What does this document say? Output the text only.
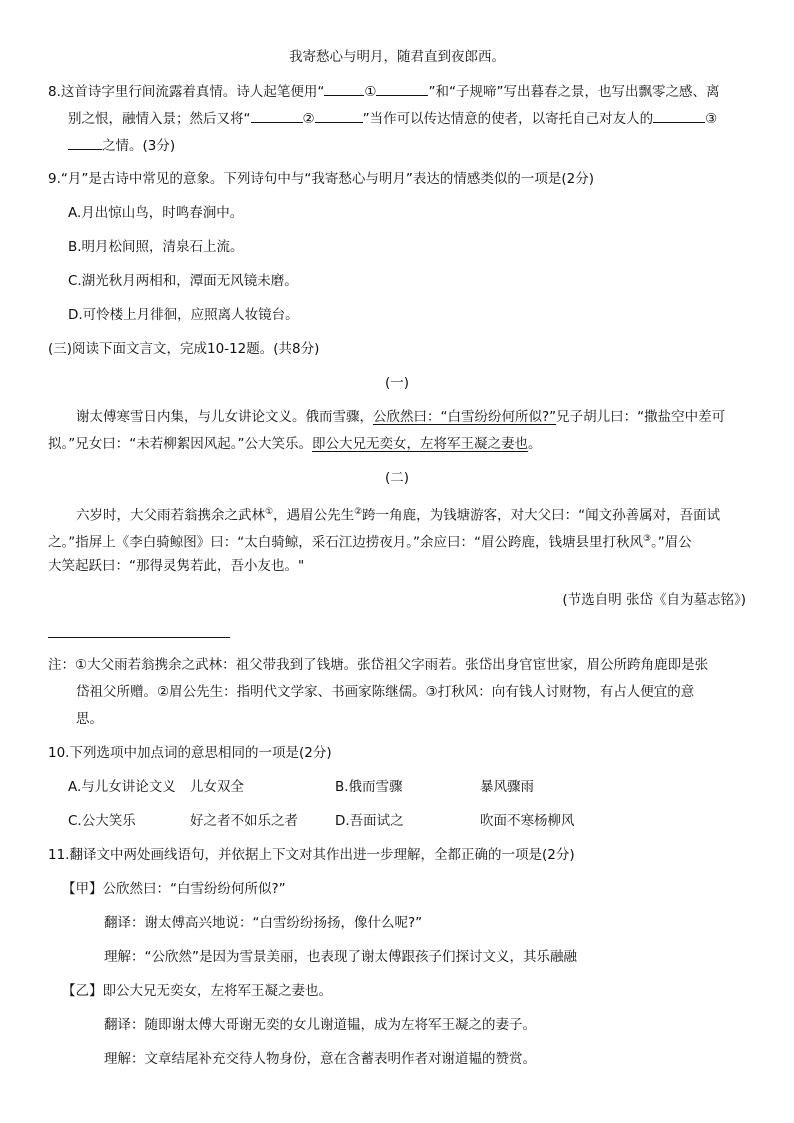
我寄愁心与明月，随君直到夜郎西。
8.这首诗字里行间流露着真情。诗人起笔便用“	①	”和“子规啼”写出暮春之景，也写出飘零之感、离
别之恨，融情入景；然后又将“	②	”当作可以传达情意的使者，以寄托自己对友人的	③
之情。(3分)
9.“月”是古诗中常见的意象。下列诗句中与“我寄愁心与明月”表达的情感类似的一项是(2分)
A.月出惊山鸟，时鸣春涧中。
B.明月松间照，清泉石上流。
C.湖光秋月两相和，潭面无风镜未磨。
D.可怜楼上月徘徊，应照离人妆镜台。
(三)阅读下面文言文，完成10-12题。(共8分)
(一)
谢太傅寒雪日内集，与儿女讲论文义。俄而雪骤，公欣然曰：“白雪纷纷何所似?”兄子胡儿曰：“撒盐空中差可
拟。”兄女曰：“未若柳絮因风起。”公大笑乐。即公大兄无奕女，左将军王凝之妻也。
(二)
六岁时，大父雨若翁携余之武林①，遇眉公先生②跨一角鹿，为钱塘游客，对大父曰：“闻文孙善属对，吾面试
之。”指屏上《李白骑鲸图》曰：“太白骑鲸，采石江边捞夜月。”余应曰：“眉公跨鹿，钱塘县里打秋风③。”眉公
大笑起跃曰：“那得灵隽若此，吾小友也。"
(节选自明 张岱《自为墓志铭》)
注：①大父雨若翁携余之武林：祖父带我到了钱塘。张岱祖父字雨若。张岱出身官宦世家，眉公所跨角鹿即是张
岱祖父所赠。②眉公先生：指明代文学家、书画家陈继儒。③打秋风：向有钱人讨财物，有占人便宜的意
思。
10.下列选项中加点词的意思相同的一项是(2分)
A.与儿女讲论文义 儿女双全	B.俄而雪骤	暴风骤雨
C.公大笑乐	好之者不如乐之者	D.吾面试之	吹面不寒杨柳风
11.翻译文中两处画线语句，并依据上下文对其作出进一步理解，全都正确的一项是(2分)
【甲】公欣然曰：“白雪纷纷何所似?”
翻译：谢太傅高兴地说：“白雪纷纷扬扬，像什么呢?”
理解：“公欣然”是因为雪景美丽，也表现了谢太傅跟孩子们探讨文义，其乐融融
【乙】即公大兄无奕女，左将军王凝之妻也。
翻译：随即谢太傅大哥谢无奕的女儿谢道韫，成为左将军王凝之的妻子。
理解：文章结尾补充交待人物身份，意在含蓄表明作者对谢道韫的赞赏。
